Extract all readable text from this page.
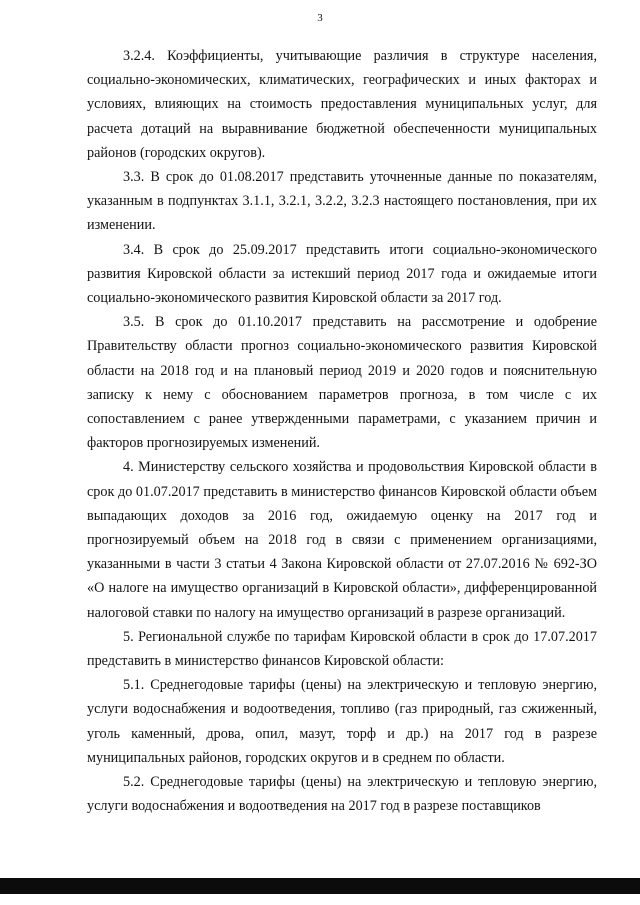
3

3.2.4. Коэффициенты, учитывающие различия в структуре населения, социально-экономических, климатических, географических и иных факторах и условиях, влияющих на стоимость предоставления муниципальных услуг, для расчета дотаций на выравнивание бюджетной обеспеченности муниципальных районов (городских округов).

3.3. В срок до 01.08.2017 представить уточненные данные по показателям, указанным в подпунктах 3.1.1, 3.2.1, 3.2.2, 3.2.3 настоящего постановления, при их изменении.

3.4. В срок до 25.09.2017 представить итоги социально-экономического развития Кировской области за истекший период 2017 года и ожидаемые итоги социально-экономического развития Кировской области за 2017 год.

3.5. В срок до 01.10.2017 представить на рассмотрение и одобрение Правительству области прогноз социально-экономического развития Кировской области на 2018 год и на плановый период 2019 и 2020 годов и пояснительную записку к нему с обоснованием параметров прогноза, в том числе с их сопоставлением с ранее утвержденными параметрами, с указанием причин и факторов прогнозируемых изменений.

4. Министерству сельского хозяйства и продовольствия Кировской области в срок до 01.07.2017 представить в министерство финансов Кировской области объем выпадающих доходов за 2016 год, ожидаемую оценку на 2017 год и прогнозируемый объем на 2018 год в связи с применением организациями, указанными в части 3 статьи 4 Закона Кировской области от 27.07.2016 № 692-ЗО «О налоге на имущество организаций в Кировской области», дифференцированной налоговой ставки по налогу на имущество организаций в разрезе организаций.

5. Региональной службе по тарифам Кировской области в срок до 17.07.2017 представить в министерство финансов Кировской области:

5.1. Среднегодовые тарифы (цены) на электрическую и тепловую энергию, услуги водоснабжения и водоотведения, топливо (газ природный, газ сжиженный, уголь каменный, дрова, опил, мазут, торф и др.) на 2017 год в разрезе муниципальных районов, городских округов и в среднем по области.

5.2. Среднегодовые тарифы (цены) на электрическую и тепловую энергию, услуги водоснабжения и водоотведения на 2017 год в разрезе поставщиков
